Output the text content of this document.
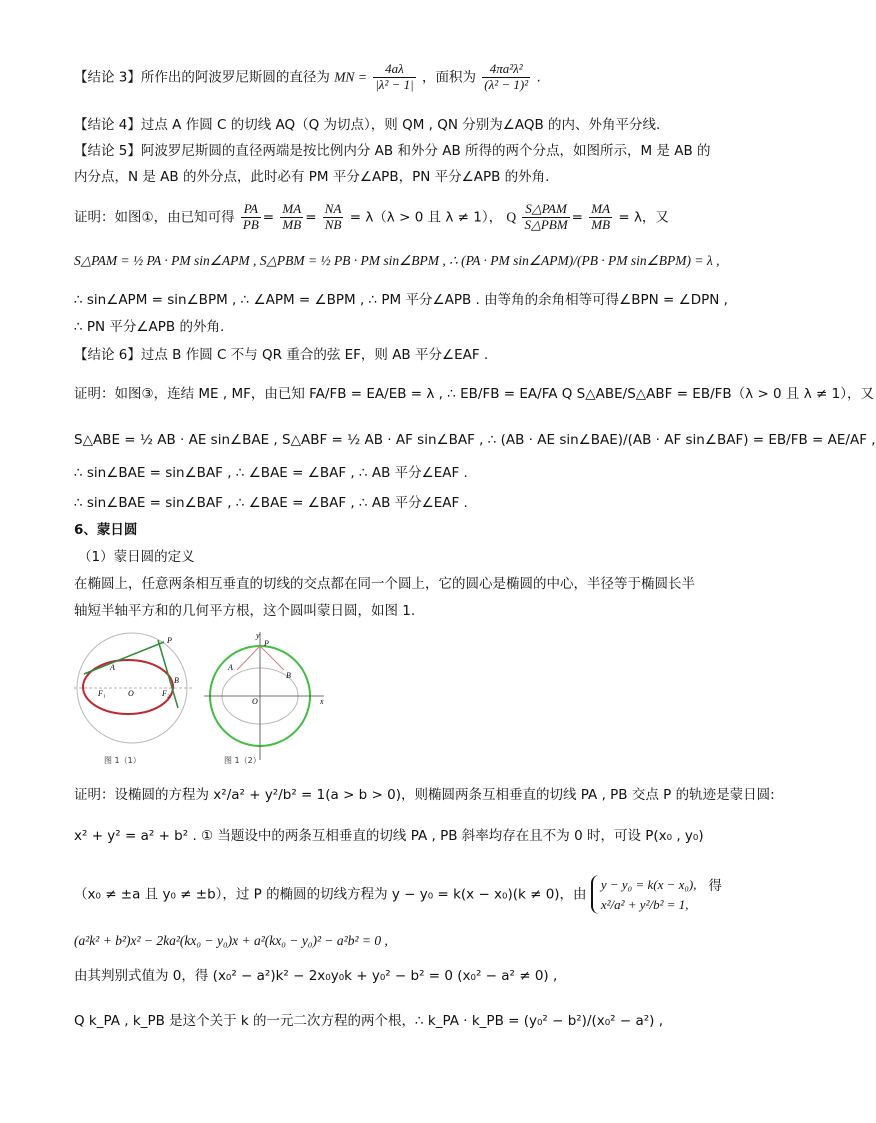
【结论 3】所作出的阿波罗尼斯圆的直径为 MN = $\frac{4a\lambda}{\text{|λ² − 1|}}$ ，面积为 $\frac{\text{4πa²λ²}}{\text{(λ² − 1)²}}$ .
【结论 4】过点 A 作圆 C 的切线 AQ（Q 为切点），则 QM , QN 分别为∠AQB 的内、外角平分线.
【结论 5】阿波罗尼斯圆的直径两端是按比例内分 AB 和外分 AB 所得的两个分点，如图所示，M 是 AB 的
内分点，N 是 AB 的外分点，此时必有 PM 平分∠APB，PN 平分∠APB 的外角.
证明：如图①，由已知可得 $\frac{PA}{PB} = \frac{MA}{MB} = \frac{NA}{NB} = \lambda(\lambda > 0$ 且 λ ≠ 1）， Q $\frac{\text{S△PAM}}{\text{S△PBM}} = \frac{MA}{MB} = \lambda$，又
S△PAM = ½ PA · PM sin∠APM , S△PBM = ½ PB · PM sin∠BPM , ∴ (PA · PM sin∠APM)/(PB · PM sin∠BPM) = λ ,
∴ sin∠APM = sin∠BPM , ∴ ∠APM = ∠BPM , ∴ PM 平分∠APB . 由等角的余角相等可得∠BPN = ∠DPN ,
∴ PN 平分∠APB 的外角.
【结论 6】过点 B 作圆 C 不与 QR 重合的弦 EF，则 AB 平分∠EAF .
证明：如图③，连结 ME , MF，由已知 FA/FB = EA/EB = λ , ∴ EB/FB = EA/FA Q S△ABE/S△ABF = EB/FB（λ > 0 且 λ ≠ 1），又
S△ABE = ½ AB · AE sin∠BAE , S△ABF = ½ AB · AF sin∠BAF , ∴ (AB · AE sin∠BAE)/(AB · AF sin∠BAF) = EB/FB = AE/AF ,
∴ sin∠BAE = sin∠BAF , ∴ ∠BAE = ∠BAF , ∴ AB 平分∠EAF .
∴ sin∠BAE = sin∠BAF , ∴ ∠BAE = ∠BAF , ∴ AB 平分∠EAF .
6、蒙日圆
（1）蒙日圆的定义
在椭圆上，任意两条相互垂直的切线的交点都在同一个圆上，它的圆心是椭圆的中心，半径等于椭圆长半
轴短半轴平方和的几何平方根，这个圆叫蒙日圆，如图 1.
P
A
B
F₁	O	F₂
y
P
A
B
O	x
图 1（1）	图 1（2）
证明：设椭圆的方程为 x²/a² + y²/b² = 1(a > b > 0)，则椭圆两条互相垂直的切线 PA , PB 交点 P 的轨迹是蒙日圆:
x² + y² = a² + b² . ① 当题设中的两条互相垂直的切线 PA , PB 斜率均存在且不为 0 时，可设 P(x₀ , y₀)
（x₀ ≠ ±a 且 y₀ ≠ ±b），过 P 的椭圆的切线方程为 y − y₀ = k(x − x₀)(k ≠ 0)，由
y − y₀ = k(x − x₀),
x²/a² + y²/b² = 1,
得
(a²k² + b²)x² − 2ka²(kx₀ − y₀)x + a²(kx₀ − y₀)² − a²b² = 0 ,
由其判别式值为 0，得 (x₀² − a²)k² − 2x₀y₀k + y₀² − b² = 0 (x₀² − a² ≠ 0) ,
Q k_PA , k_PB 是这个关于 k 的一元二次方程的两个根，∴ k_PA · k_PB = (y₀² − b²)/(x₀² − a²) ,
